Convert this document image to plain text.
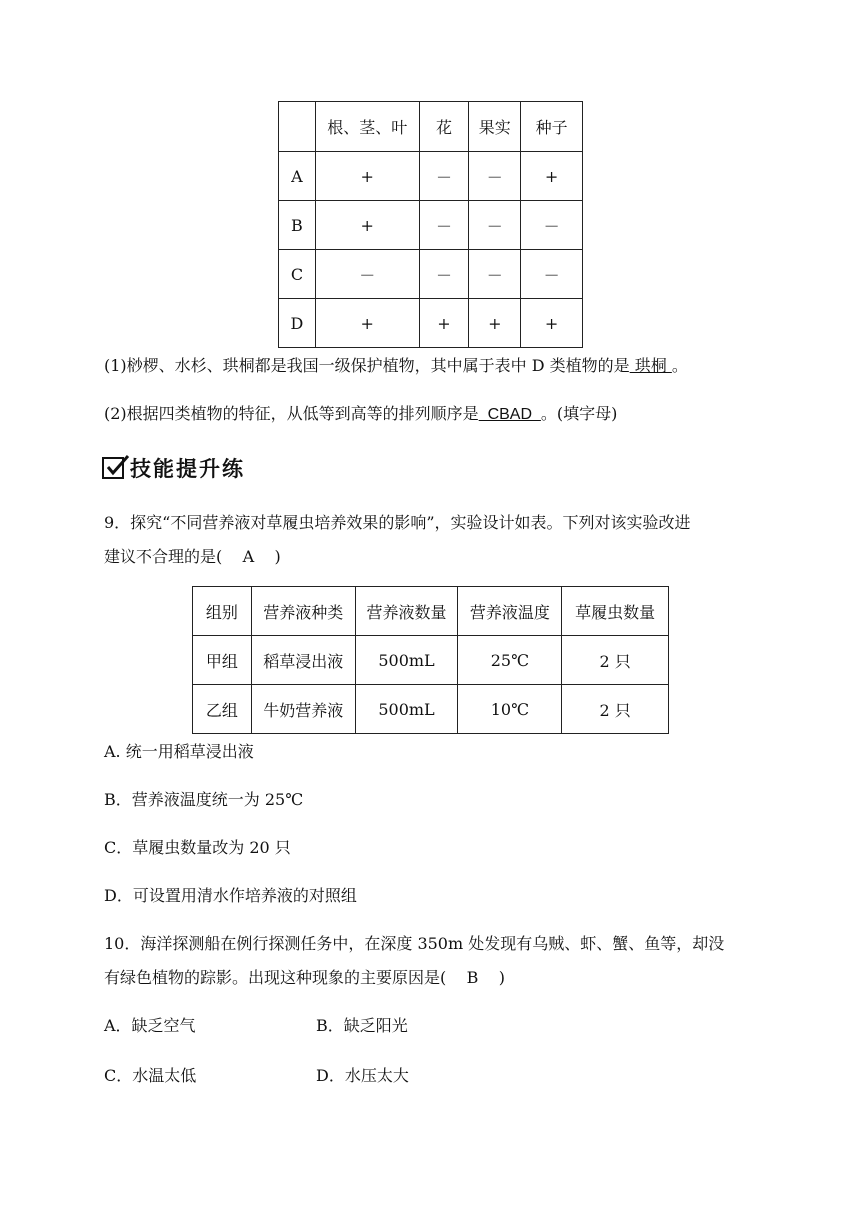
	根、茎、叶	花	果实	种子
A	+	－	－	+
B	+	－	－	－
C	－	－	－	－
D	+	+	+	+
(1)桫椤、水杉、珙桐都是我国一级保护植物，其中属于表中 D 类植物的是 珙桐 。
(2)根据四类植物的特征，从低等到高等的排列顺序是  CBAD  。(填字母)
技能提升练
9．探究“不同营养液对草履虫培养效果的影响”，实验设计如表。下列对该实验改进
建议不合理的是(    A    )
组别	营养液种类	营养液数量	营养液温度	草履虫数量
甲组	稻草浸出液	500mL	25℃	2 只
乙组	牛奶营养液	500mL	10℃	2 只
A. 统一用稻草浸出液
B．营养液温度统一为 25℃
C．草履虫数量改为 20 只
D．可设置用清水作培养液的对照组
10．海洋探测船在例行探测任务中，在深度 350m 处发现有乌贼、虾、蟹、鱼等，却没
有绿色植物的踪影。出现这种现象的主要原因是(    B    )
A．缺乏空气	B．缺乏阳光
C．水温太低	D．水压太大
